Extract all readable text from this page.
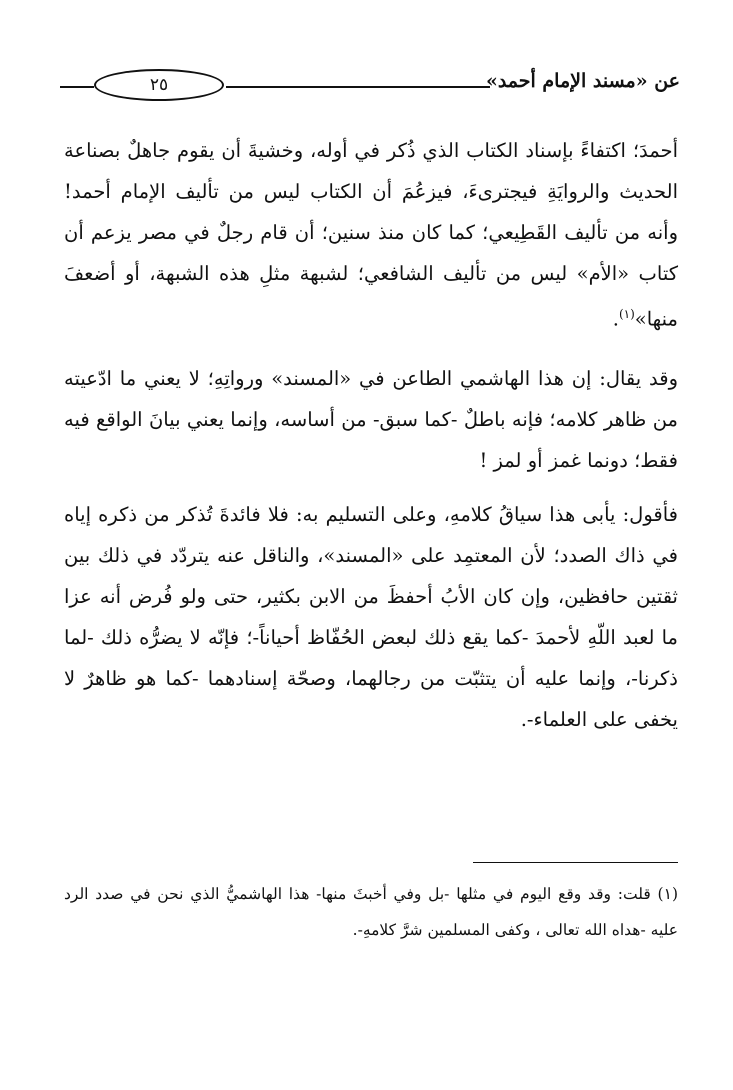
٢٥	عن «مسند الإمام أحمد»

أحمدَ؛ اكتفاءً بإسناد الكتاب الذي ذُكر في أوله، وخشيةَ أن يقوم جاهلٌ بصناعة الحديث والروايَةِ فيجترىءَ، فيزعُمَ أن الكتاب ليس من تأليف الإمام أحمد! وأنه من تأليف القَطِيعي؛ كما كان منذ سنين؛ أن قام رجلٌ في مصر يزعم أن كتاب «الأم» ليس من تأليف الشافعي؛ لشبهة مثلِ هذه الشبهة، أو أضعفَ منها»$^{(١)}$.

وقد يقال: إن هذا الهاشمي الطاعن في «المسند» ورواتِهِ؛ لا يعني ما ادّعيته من ظاهر كلامه؛ فإنه باطلٌ -كما سبق- من أساسه، وإنما يعني بيانَ الواقع فيه فقط؛ دونما غمز أو لمز !

فأقول: يأبى هذا سياقُ كلامهِ، وعلى التسليم به: فلا فائدةَ تُذكر من ذكره إياه في ذاك الصدد؛ لأن المعتمِد على «المسند»، والناقل عنه يتردّد في ذلك بين ثقتين حافظين، وإن كان الأبُ أحفظَ من الابن بكثير، حتى ولو فُرض أنه عزا ما لعبد اللّهِ لأحمدَ -كما يقع ذلك لبعض الحُفّاظ أحياناً-؛ فإنّه لا يضرُّه ذلك -لما ذكرنا-، وإنما عليه أن يتثبّت من رجالهما، وصحّة إسنادهما -كما هو ظاهرٌ لا يخفى على العلماء-.

(١) قلت: وقد وقع اليوم في مثلها -بل وفي أخبثَ منها- هذا الهاشميُّ الذي نحن في صدد الرد عليه -هداه الله تعالى ، وكفى المسلمين شرَّ كلامهِ-.
